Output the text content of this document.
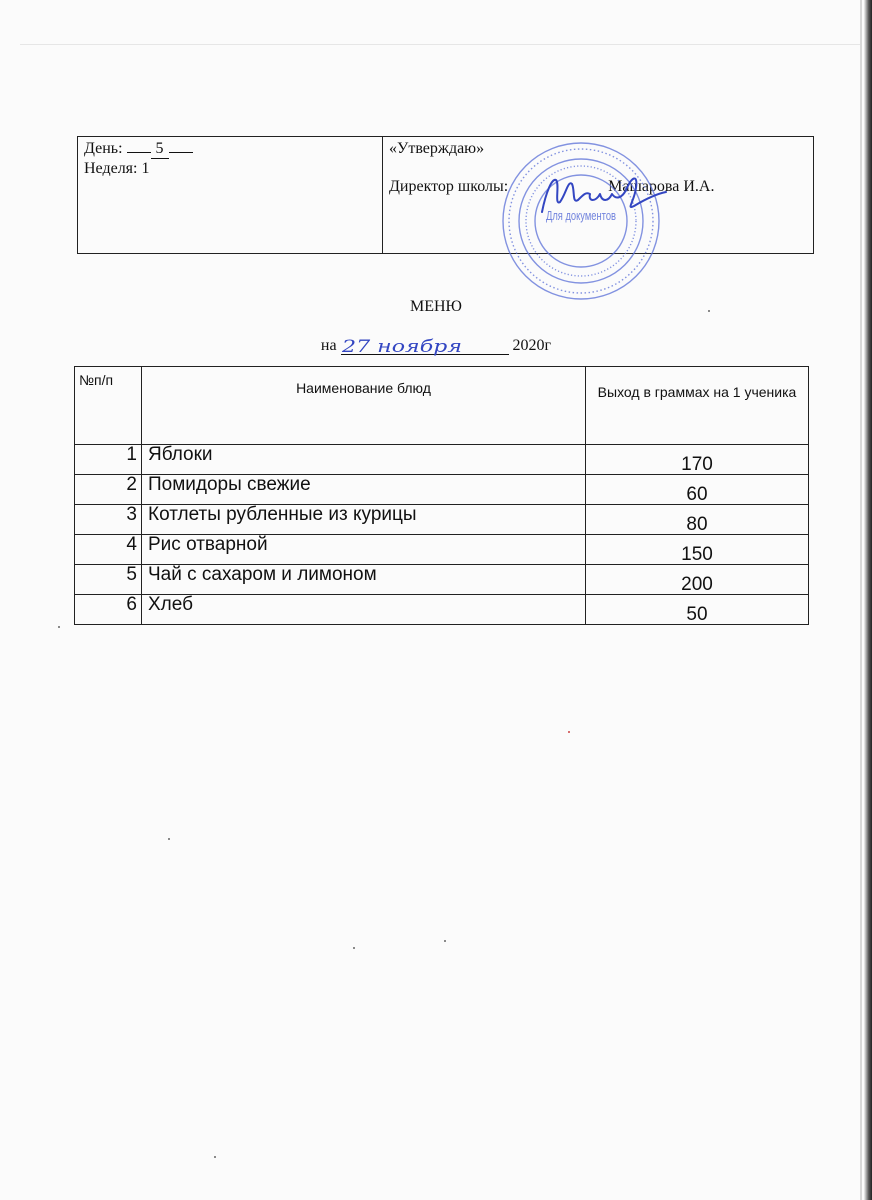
День: 5
Неделя: 1

«Утверждаю»
Директор школы:	Машарова И.А.
Для документов
МЕНЮ
на	2020г
27 ноября
№п/п	Наименование блюд	Выход в граммах на 1 ученика
1	Яблоки	170
2	Помидоры свежие	60
3	Котлеты рубленные из курицы	80
4	Рис отварной	150
5	Чай с сахаром и лимоном	200
6	Хлеб	50
